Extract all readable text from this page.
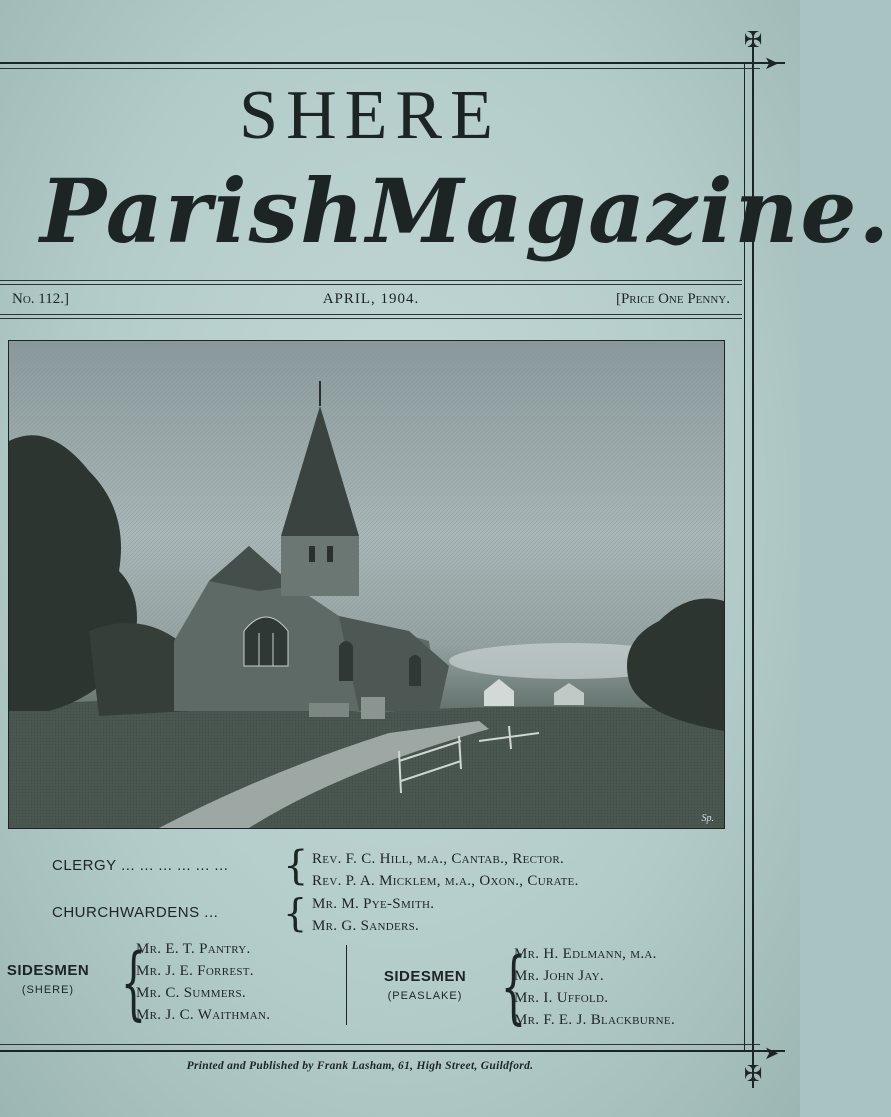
✠
✠
➤
➤
SHERE
Parish Magazine.
No. 112.]	APRIL, 1904.	[Price One Penny.
Sp.
CLERGY ... ... ... ... ... ... { Rev. F. C. Hill, m.a., Cantab., Rector.
Rev. P. A. Micklem, m.a., Oxon., Curate.
CHURCHWARDENS ... { Mr. M. Pye-Smith.
Mr. G. Sanders.
SIDESMEN
(SHERE) {
Mr. E. T. Pantry.
Mr. J. E. Forrest.
Mr. C. Summers.
Mr. J. C. Waithman.
SIDESMEN
(PEASLAKE) {
Mr. H. Edlmann, m.a.
Mr. John Jay.
Mr. I. Uffold.
Mr. F. E. J. Blackburne.
Printed and Published by Frank Lasham, 61, High Street, Guildford.
